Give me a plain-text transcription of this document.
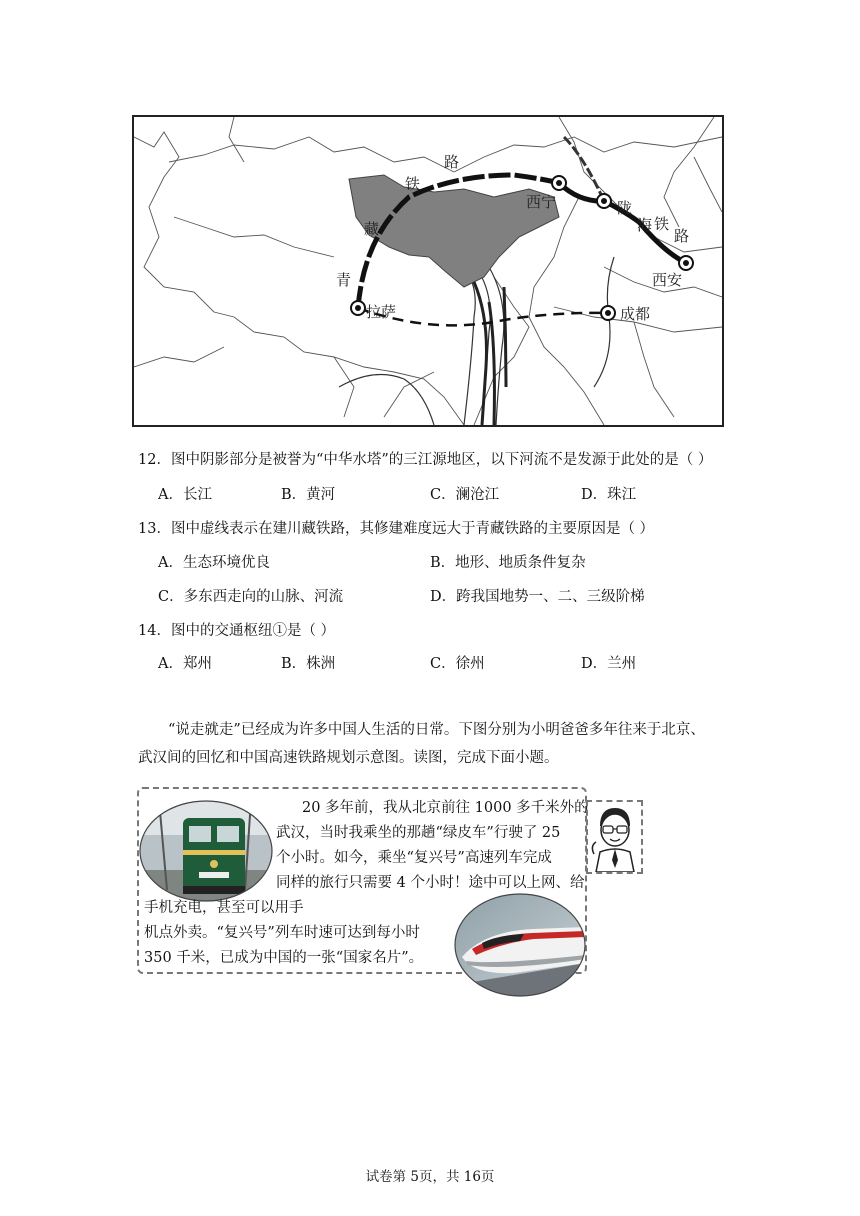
青
藏
铁
路
拉萨
西宁	陇
海 铁
路
西安
成都
12．图中阴影部分是被誉为“中华水塔”的三江源地区，以下河流不是发源于此处的是（ ）
A．长江	B．黄河	C．澜沧江	D．珠江
13．图中虚线表示在建川藏铁路，其修建难度远大于青藏铁路的主要原因是（ ）
A．生态环境优良	B．地形、地质条件复杂
C．多东西走向的山脉、河流	D．跨我国地势一、二、三级阶梯
14．图中的交通枢纽①是（ ）
A．郑州	B．株洲	C．徐州	D．兰州
“说走就走”已经成为许多中国人生活的日常。下图分别为小明爸爸多年往来于北京、
武汉间的回忆和中国高速铁路规划示意图。读图，完成下面小题。
20 多年前，我从北京前往 1000 多千米外的
武汉，当时我乘坐的那趟“绿皮车”行驶了 25
个小时。如今，乘坐“复兴号”高速列车完成
同样的旅行只需要 4 个小时！途中可以上网、给
手机充电，甚至可以用手
机点外卖。“复兴号”列车时速可达到每小时
350 千米，已成为中国的一张“国家名片”。
试卷第 5页，共 16页
